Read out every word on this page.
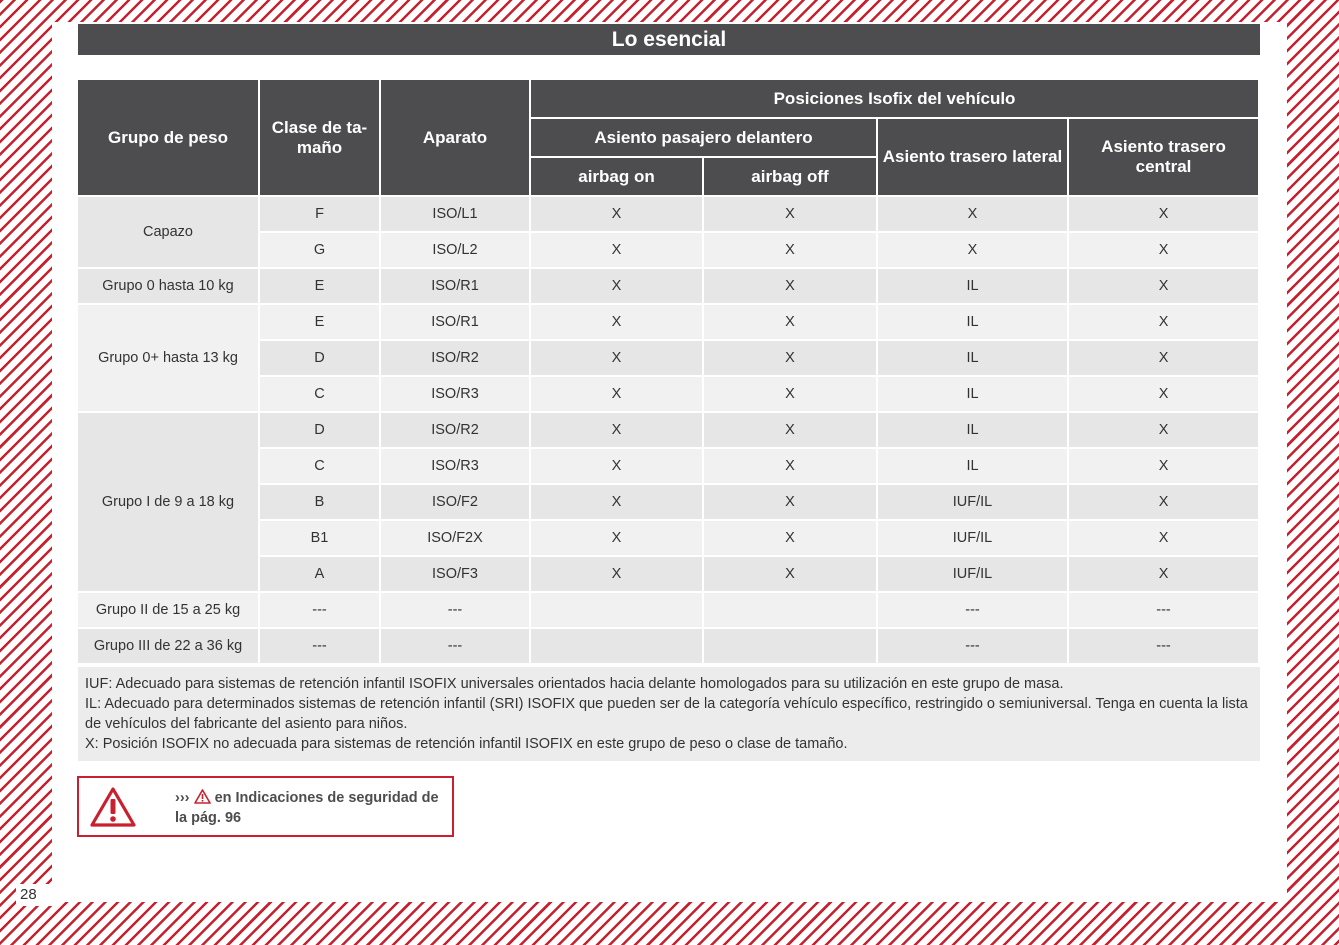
28
Lo esencial
Grupo de peso	Clase de ta-
maño	Aparato	Posiciones Isofix del vehículo			
			Asiento pasajero delantero		Asiento trasero lateral	Asiento trasero central
			airbag on	airbag off		
Capazo	F	ISO/L1	X	X	X	X
	G	ISO/L2	X	X	X	X
Grupo 0 hasta 10 kg	E	ISO/R1	X	X	IL	X
Grupo 0+ hasta 13 kg	E	ISO/R1	X	X	IL	X
	D	ISO/R2	X	X	IL	X
	C	ISO/R3	X	X	IL	X
Grupo I de 9 a 18 kg	D	ISO/R2	X	X	IL	X
	C	ISO/R3	X	X	IL	X
	B	ISO/F2	X	X	IUF/IL	X
	B1	ISO/F2X	X	X	IUF/IL	X
	A	ISO/F3	X	X	IUF/IL	X
Grupo II de 15 a 25 kg	---	---			---	---
Grupo III de 22 a 36 kg	---	---			---	---

IUF: Adecuado para sistemas de retención infantil ISOFIX universales orientados hacia delante homologados para su utilización en este grupo de masa.

IL: Adecuado para determinados sistemas de retención infantil (SRI) ISOFIX que pueden ser de la categoría vehículo específico, restringido o semiuniversal. Tenga en cuenta la lista de vehículos del fabricante del asiento para niños.

X: Posición ISOFIX no adecuada para sistemas de retención infantil ISOFIX en este grupo de peso o clase de tamaño.

››› en Indicaciones de seguridad de la pág. 96
